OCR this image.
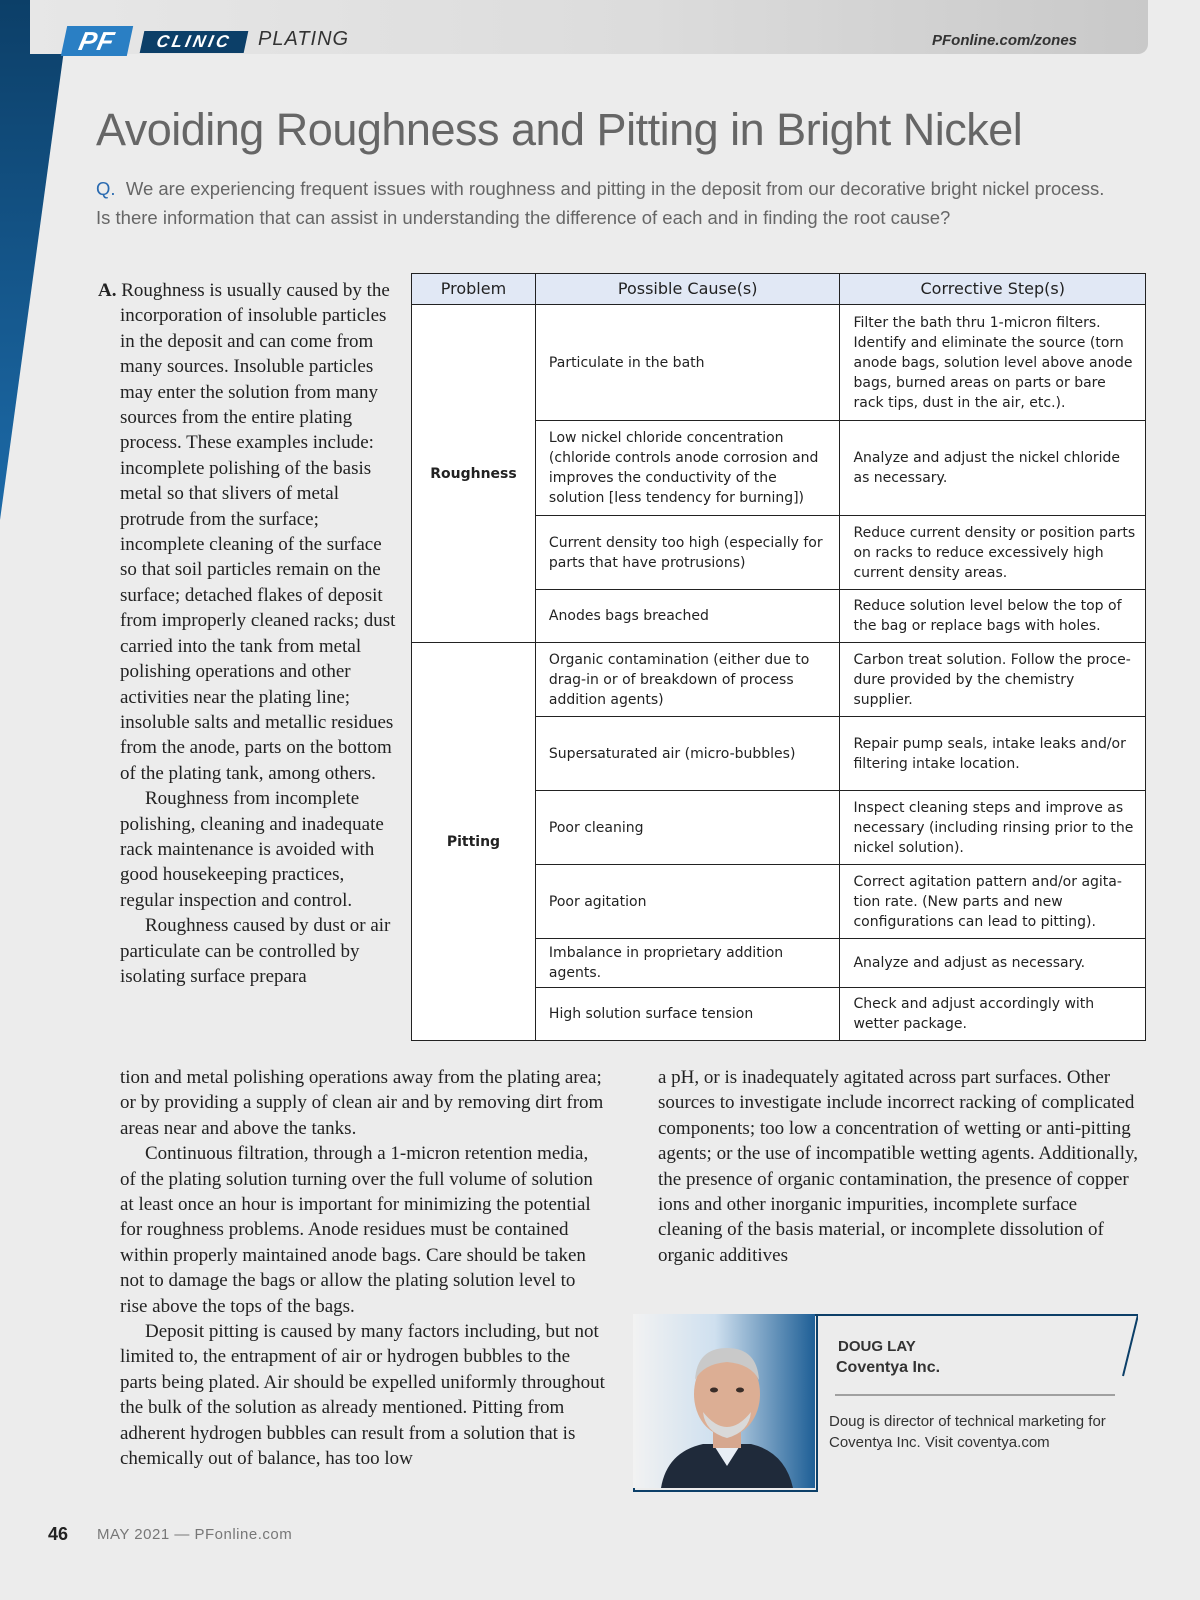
PF	CLINIC	PLATING	PFonline.com/zones
Avoiding Roughness and Pitting in Bright Nickel

Q. We are experiencing frequent issues with roughness and pitting in the deposit from our decorative bright nickel process. Is there information that can assist in understanding the difference of each and in finding the root cause?

A. Roughness is usually caused by the incorporation of insoluble particles in the deposit and can come from many sources. Insoluble particles may enter the solution from many sources from the entire plating process. These examples include: incomplete polishing of the basis metal so that slivers of metal protrude from the surface; incomplete cleaning of the surface so that soil particles remain on the surface; detached flakes of deposit from improperly cleaned racks; dust carried into the tank from metal polishing operations and other activities near the plating line; insoluble salts and metallic residues from the anode, parts on the bottom of the plating tank, among others.

Roughness from incomplete polishing, cleaning and inadequate rack maintenance is avoided with good housekeeping practices, regular inspection and control.

Roughness caused by dust or air particulate can be controlled by isolating surface prepara

tion and metal polishing operations away from the plating area; or by providing a supply of clean air and by removing dirt from areas near and above the tanks.

Continuous filtration, through a 1-micron retention media, of the plating solution turning over the full volume of solution at least once an hour is important for minimizing the potential for roughness problems. Anode residues must be contained within properly maintained anode bags. Care should be taken not to damage the bags or allow the plating solution level to rise above the tops of the bags.

Deposit pitting is caused by many factors including, but not limited to, the entrapment of air or hydrogen bubbles to the parts being plated. Air should be expelled uniformly throughout the bulk of the solution as already mentioned. Pitting from adherent hydrogen bubbles can result from a solution that is chemically out of balance, has too low

a pH, or is inadequately agitated across part surfaces. Other sources to investigate include incorrect racking of complicated components; too low a concentration of wetting or anti-pitting agents; or the use of incompatible wetting agents. Additionally, the presence of organic contamination, the presence of copper ions and other inorganic impurities, incomplete surface cleaning of the basis material, or incomplete dissolution of organic additives

Problem	Possible Cause(s)	Corrective Step(s)
Roughness	Particulate in the bath	Filter the bath thru 1-micron filters. Identify and eliminate the source (torn anode bags, solution level above anode bags, burned areas on parts or bare rack tips, dust in the air, etc.).
	Low nickel chloride concentration (chloride controls anode corrosion and improves the conductivity of the solution [less tendency for burning])	Analyze and adjust the nickel chloride as necessary.
	Current density too high (especially for parts that have protrusions)	Reduce current density or position parts on racks to reduce excessively high current density areas.
	Anodes bags breached	Reduce solution level below the top of the bag or replace bags with holes.
Pitting	Organic contamination (either due to drag-in or of breakdown of process addition agents)	Carbon treat solution. Follow the procedure provided by the chemistry supplier.
	Supersaturated air (micro-bubbles)	Repair pump seals, intake leaks and/or filtering intake location.
	Poor cleaning	Inspect cleaning steps and improve as necessary (including rinsing prior to the nickel solution).
	Poor agitation	Correct agitation pattern and/or agitation rate. (New parts and new configurations can lead to pitting).
	Imbalance in proprietary addition agents.	Analyze and adjust as necessary.
	High solution surface tension	Check and adjust accordingly with wetter package.
DOUG LAY
Coventya Inc.
Doug is director of technical marketing for Coventya Inc. Visit coventya.com
46 MAY 2021 — PFonline.com
